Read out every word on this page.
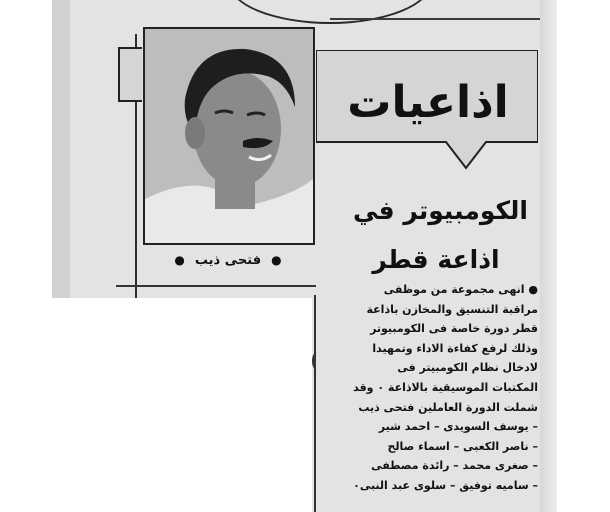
اذاعيات
●فتحى ذيب●
الكومبيوتر في
اذاعة قطر
● انهى مجموعة من موظفى
مراقبة التنسيق والمخازن باذاعة
قطر دورة خاصة فى الكومبيوتر
وذلك لرفع كفاءة الاداء وتمهيدا
لادخال نظام الكومبيتر فى
المكتبات الموسيقية بالاذاعة ٠ وقد
شملت الدورة العاملين فتحى ذيب
– يوسف السويدى – احمد شير
– ناصر الكعبى – اسماء صالح
– صغرى محمد – رائدة مصطفى
– ساميه توفيق – سلوى عبد النبى٠
